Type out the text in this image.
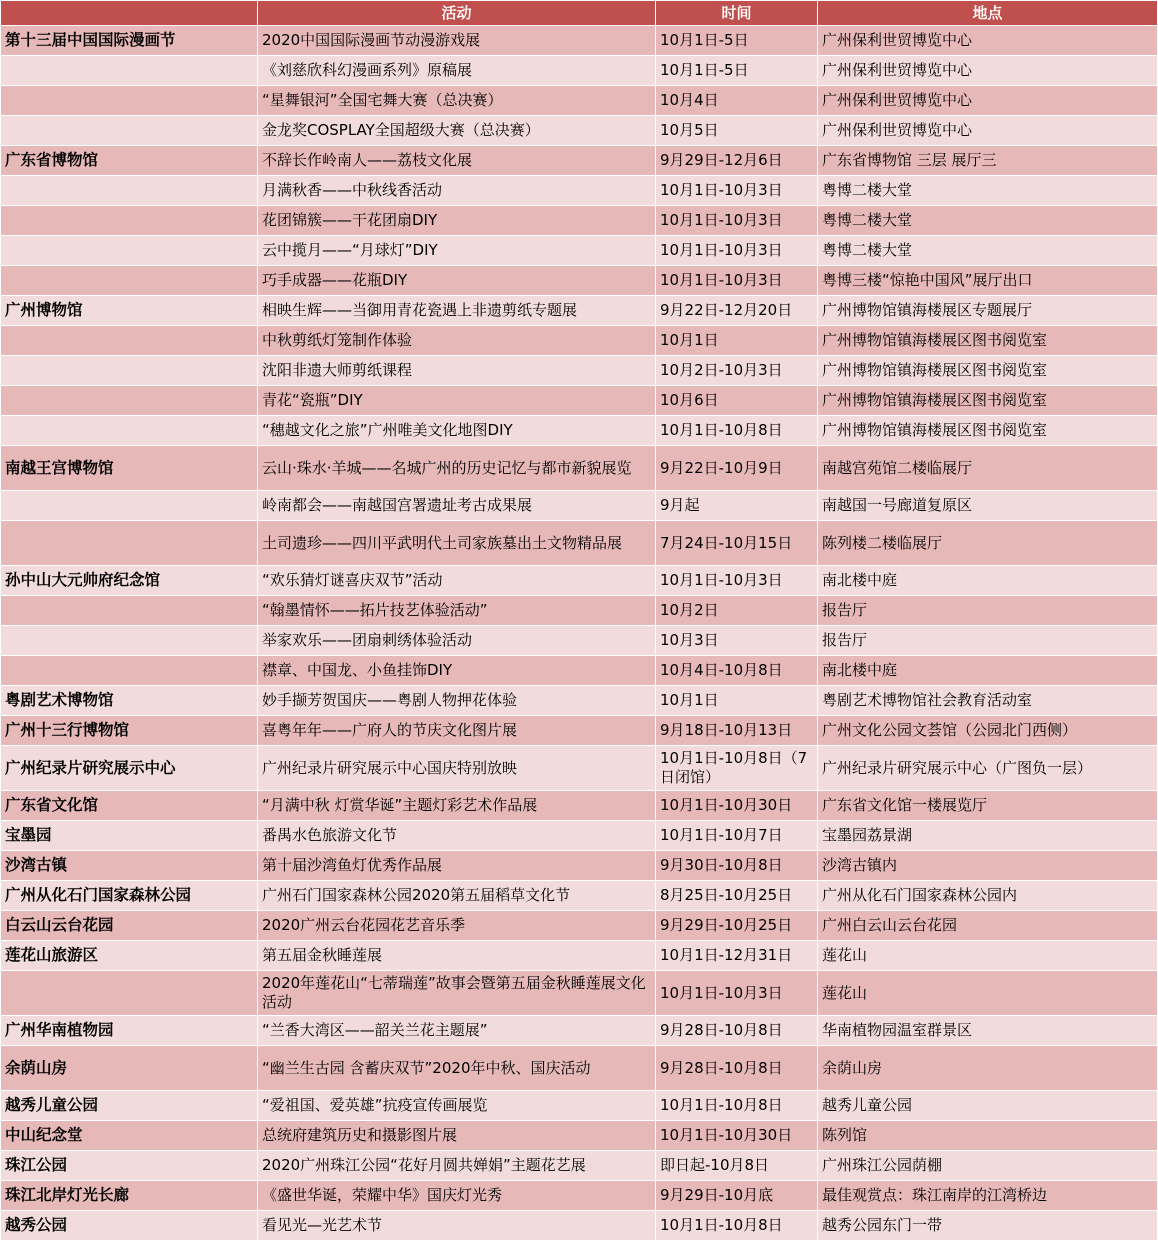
	活动	时间	地点
第十三届中国国际漫画节	2020中国国际漫画节动漫游戏展	10月1日-5日	广州保利世贸博览中心
	《刘慈欣科幻漫画系列》原稿展	10月1日-5日	广州保利世贸博览中心
	“星舞银河”全国宅舞大赛（总决赛）	10月4日	广州保利世贸博览中心
	金龙奖COSPLAY全国超级大赛（总决赛）	10月5日	广州保利世贸博览中心
广东省博物馆	不辞长作岭南人——荔枝文化展	9月29日-12月6日	广东省博物馆 三层 展厅三
	月满秋香——中秋线香活动	10月1日-10月3日	粤博二楼大堂
	花团锦簇——干花团扇DIY	10月1日-10月3日	粤博二楼大堂
	云中揽月——“月球灯”DIY	10月1日-10月3日	粤博二楼大堂
	巧手成器——花瓶DIY	10月1日-10月3日	粤博三楼“惊艳中国风”展厅出口
广州博物馆	相映生辉——当御用青花瓷遇上非遗剪纸专题展	9月22日-12月20日	广州博物馆镇海楼展区专题展厅
	中秋剪纸灯笼制作体验	10月1日	广州博物馆镇海楼展区图书阅览室
	沈阳非遗大师剪纸课程	10月2日-10月3日	广州博物馆镇海楼展区图书阅览室
	青花“瓷瓶”DIY	10月6日	广州博物馆镇海楼展区图书阅览室
	“穗越文化之旅”广州唯美文化地图DIY	10月1日-10月8日	广州博物馆镇海楼展区图书阅览室
南越王宫博物馆	云山·珠水·羊城——名城广州的历史记忆与都市新貌展览	9月22日-10月9日	南越宫苑馆二楼临展厅
	岭南都会——南越国宫署遗址考古成果展	9月起	南越国一号廊道复原区
	土司遗珍——四川平武明代土司家族墓出土文物精品展	7月24日-10月15日	陈列楼二楼临展厅
孙中山大元帅府纪念馆	“欢乐猜灯谜喜庆双节”活动	10月1日-10月3日	南北楼中庭
	“翰墨情怀——拓片技艺体验活动”	10月2日	报告厅
	举家欢乐——团扇刺绣体验活动	10月3日	报告厅
	襟章、中国龙、小鱼挂饰DIY	10月4日-10月8日	南北楼中庭
粤剧艺术博物馆	妙手撷芳贺国庆——粤剧人物押花体验	10月1日	粤剧艺术博物馆社会教育活动室
广州十三行博物馆	喜粤年年——广府人的节庆文化图片展	9月18日-10月13日	广州文化公园文荟馆（公园北门西侧）
广州纪录片研究展示中心	广州纪录片研究展示中心国庆特别放映	10月1日-10月8日（7日闭馆）	广州纪录片研究展示中心（广图负一层）
广东省文化馆	“月满中秋 灯赏华诞”主题灯彩艺术作品展	10月1日-10月30日	广东省文化馆一楼展览厅
宝墨园	番禺水色旅游文化节	10月1日-10月7日	宝墨园荔景湖
沙湾古镇	第十届沙湾鱼灯优秀作品展	9月30日-10月8日	沙湾古镇内
广州从化石门国家森林公园	广州石门国家森林公园2020第五届稻草文化节	8月25日-10月25日	广州从化石门国家森林公园内
白云山云台花园	2020广州云台花园花艺音乐季	9月29日-10月25日	广州白云山云台花园
莲花山旅游区	第五届金秋睡莲展	10月1日-12月31日	莲花山
	2020年莲花山“七蒂瑞莲”故事会暨第五届金秋睡莲展文化活动	10月1日-10月3日	莲花山
广州华南植物园	“兰香大湾区——韶关兰花主题展”	9月28日-10月8日	华南植物园温室群景区
余荫山房	“幽兰生古园 含蓄庆双节”2020年中秋、国庆活动	9月28日-10月8日	余荫山房
越秀儿童公园	“爱祖国、爱英雄”抗疫宣传画展览	10月1日-10月8日	越秀儿童公园
中山纪念堂	总统府建筑历史和摄影图片展	10月1日-10月30日	陈列馆
珠江公园	2020广州珠江公园“花好月圆共婵娟”主题花艺展	即日起-10月8日	广州珠江公园荫棚
珠江北岸灯光长廊	《盛世华诞，荣耀中华》国庆灯光秀	9月29日-10月底	最佳观赏点：珠江南岸的江湾桥边
越秀公园	看见光—光艺术节	10月1日-10月8日	越秀公园东门一带
